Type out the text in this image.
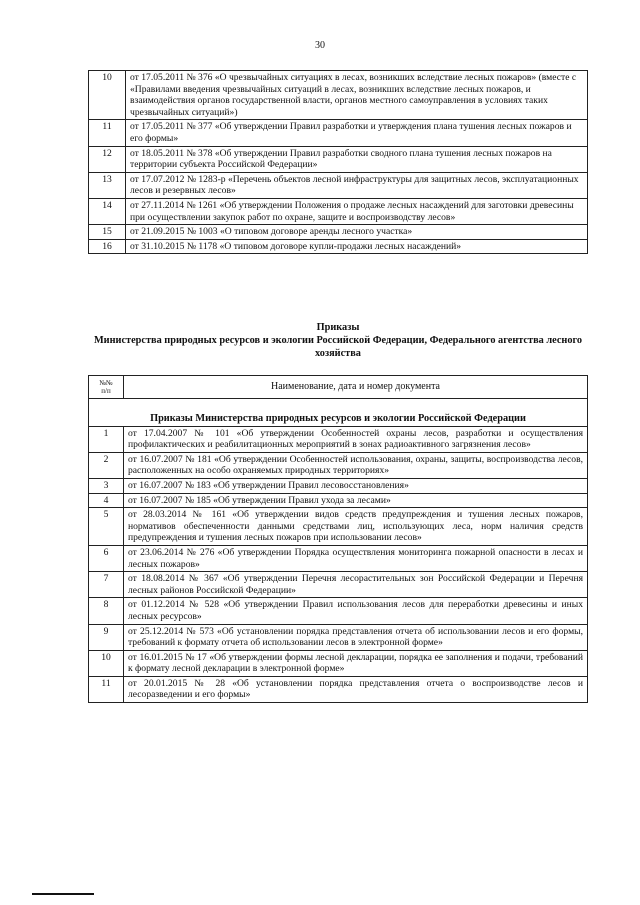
30
10	от 17.05.2011 № 376 «О чрезвычайных ситуациях в лесах, возникших вследствие лесных пожаров» (вместе с «Правилами введения чрезвычайных ситуаций в лесах, возникших вследствие лесных пожаров, и взаимодействия органов государственной власти, органов местного самоуправления в условиях таких чрезвычайных ситуаций»)
11	от 17.05.2011 № 377 «Об утверждении Правил разработки и утверждения плана тушения лесных пожаров и его формы»
12	от 18.05.2011 № 378 «Об утверждении Правил разработки сводного плана тушения лесных пожаров на территории субъекта Российской Федерации»
13	от 17.07.2012 № 1283-р «Перечень объектов лесной инфраструктуры для защитных лесов, эксплуатационных лесов и резервных лесов»
14	от 27.11.2014 № 1261 «Об утверждении Положения о продаже лесных насаждений для заготовки древесины при осуществлении закупок работ по охране, защите и воспроизводству лесов»
15	от 21.09.2015 № 1003 «О типовом договоре аренды лесного участка»
16	от 31.10.2015 № 1178 «О типовом договоре купли-продажи лесных насаждений»
Приказы
Министерства природных ресурсов и экологии Российской Федерации, Федерального агентства лесного хозяйства
№№
п/п	Наименование, дата и номер документа
Приказы Министерства природных ресурсов и экологии Российской Федерации	
1	от 17.04.2007 № 101 «Об утверждении Особенностей охраны лесов, разработки и осуществления профилактических и реабилитационных мероприятий в зонах радиоактивного загрязнения лесов»
2	от 16.07.2007 № 181 «Об утверждении Особенностей использования, охраны, защиты, воспроизводства лесов, расположенных на особо охраняемых природных территориях»
3	от 16.07.2007 № 183 «Об утверждении Правил лесовосстановления»
4	от 16.07.2007 № 185 «Об утверждении Правил ухода за лесами»
5	от 28.03.2014 № 161 «Об утверждении видов средств предупреждения и тушения лесных пожаров, нормативов обеспеченности данными средствами лиц, использующих леса, норм наличия средств предупреждения и тушения лесных пожаров при использовании лесов»
6	от 23.06.2014 № 276 «Об утверждении Порядка осуществления мониторинга пожарной опасности в лесах и лесных пожаров»
7	от 18.08.2014 № 367 «Об утверждении Перечня лесорастительных зон Российской Федерации и Перечня лесных районов Российской Федерации»
8	от 01.12.2014 № 528 «Об утверждении Правил использования лесов для переработки древесины и иных лесных ресурсов»
9	от 25.12.2014 № 573 «Об установлении порядка представления отчета об использовании лесов и его формы, требований к формату отчета об использовании лесов в электронной форме»
10	от 16.01.2015 № 17 «Об утверждении формы лесной декларации, порядка ее заполнения и подачи, требований к формату лесной декларации в электронной форме»
11	от 20.01.2015 № 28 «Об установлении порядка представления отчета о воспроизводстве лесов и лесоразведении и его формы»
